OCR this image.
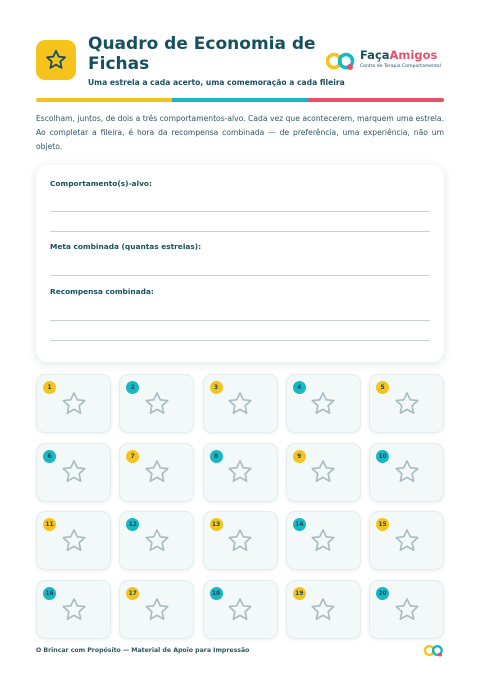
Quadro de Economia de Fichas
Uma estrela a cada acerto, uma comemoração a cada fileira
FaçaAmigos
Centro de Terapia Comportamental

Escolham, juntos, de dois a três comportamentos-alvo. Cada vez que acontecerem, marquem uma estrela. Ao completar a fileira, é hora da recompensa combinada — de preferência, uma experiência, não um objeto.

Comportamento(s)-alvo:
Meta combinada (quantas estrelas):
Recompensa combinada:
1	2	3	4	5
6	7	8	9	10
11	12	13	14	15
16	17	18	19	20
O Brincar com Propósito — Material de Apoio para Impressão
